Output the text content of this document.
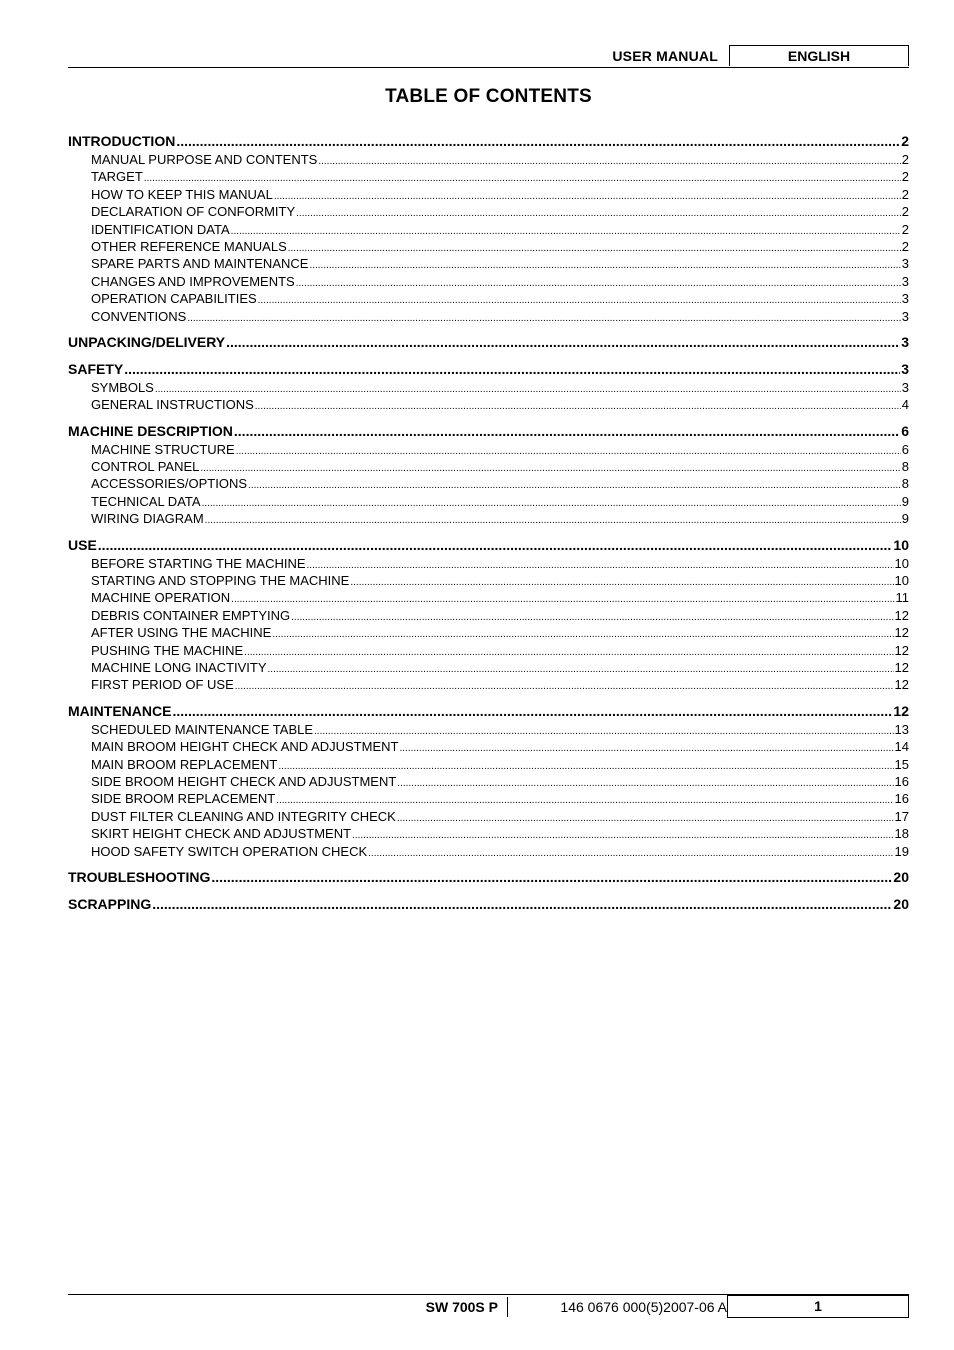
USER MANUAL	ENGLISH
TABLE OF CONTENTS
INTRODUCTION .....	2
MANUAL PURPOSE AND CONTENTS .....	2
TARGET .....	2
HOW TO KEEP THIS MANUAL .....	2
DECLARATION OF CONFORMITY .....	2
IDENTIFICATION DATA .....	2
OTHER REFERENCE MANUALS .....	2
SPARE PARTS AND MAINTENANCE .....	3
CHANGES AND IMPROVEMENTS .....	3
OPERATION CAPABILITIES .....	3
CONVENTIONS .....	3
UNPACKING/DELIVERY .....	3
SAFETY .....	3
SYMBOLS .....	3
GENERAL INSTRUCTIONS .....	4
MACHINE DESCRIPTION .....	6
MACHINE STRUCTURE .....	6
CONTROL PANEL .....	8
ACCESSORIES/OPTIONS .....	8
TECHNICAL DATA .....	9
WIRING DIAGRAM .....	9
USE .....	10
BEFORE STARTING THE MACHINE .....	10
STARTING AND STOPPING THE MACHINE .....	10
MACHINE OPERATION .....	11
DEBRIS CONTAINER EMPTYING .....	12
AFTER USING THE MACHINE .....	12
PUSHING THE MACHINE .....	12
MACHINE LONG INACTIVITY .....	12
FIRST PERIOD OF USE .....	12
MAINTENANCE .....	12
SCHEDULED MAINTENANCE TABLE .....	13
MAIN BROOM HEIGHT CHECK AND ADJUSTMENT .....	14
MAIN BROOM REPLACEMENT .....	15
SIDE BROOM HEIGHT CHECK AND ADJUSTMENT .....	16
SIDE BROOM REPLACEMENT .....	16
DUST FILTER CLEANING AND INTEGRITY CHECK .....	17
SKIRT HEIGHT CHECK AND ADJUSTMENT .....	18
HOOD SAFETY SWITCH OPERATION CHECK .....	19
TROUBLESHOOTING .....	20
SCRAPPING .....	20
SW 700S P	146 0676 000(5)2007-06 A	1
